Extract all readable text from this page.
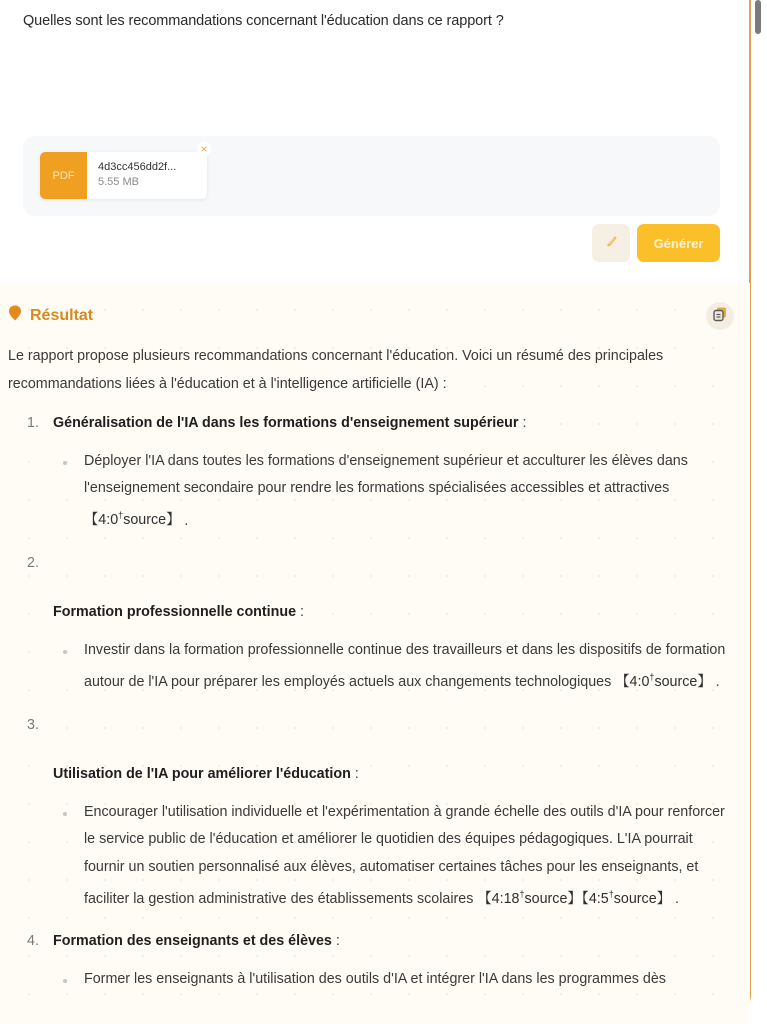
Quelles sont les recommandations concernant l'éducation dans ce rapport ?
PDF
4d3cc456dd2f...
5.55 MB
×
Générer
Résultat

Le rapport propose plusieurs recommandations concernant l'éducation. Voici un résumé des principales recommandations liées à l'éducation et à l'intelligence artificielle (IA) :

1. Généralisation de l'IA dans les formations d'enseignement supérieur :
Déployer l'IA dans toutes les formations d'enseignement supérieur et acculturer les élèves dans l'enseignement secondaire pour rendre les formations spécialisées accessibles et attractives 【4:0†source】 .
2.

Formation professionnelle continue :
Investir dans la formation professionnelle continue des travailleurs et dans les dispositifs de formation autour de l'IA pour préparer les employés actuels aux changements technologiques 【4:0†source】 .
3.

Utilisation de l'IA pour améliorer l'éducation :
Encourager l'utilisation individuelle et l'expérimentation à grande échelle des outils d'IA pour renforcer le service public de l'éducation et améliorer le quotidien des équipes pédagogiques. L'IA pourrait fournir un soutien personnalisé aux élèves, automatiser certaines tâches pour les enseignants, et faciliter la gestion administrative des établissements scolaires 【4:18†source】【4:5†source】 .
4. Formation des enseignants et des élèves :
Former les enseignants à l'utilisation des outils d'IA et intégrer l'IA dans les programmes dès
